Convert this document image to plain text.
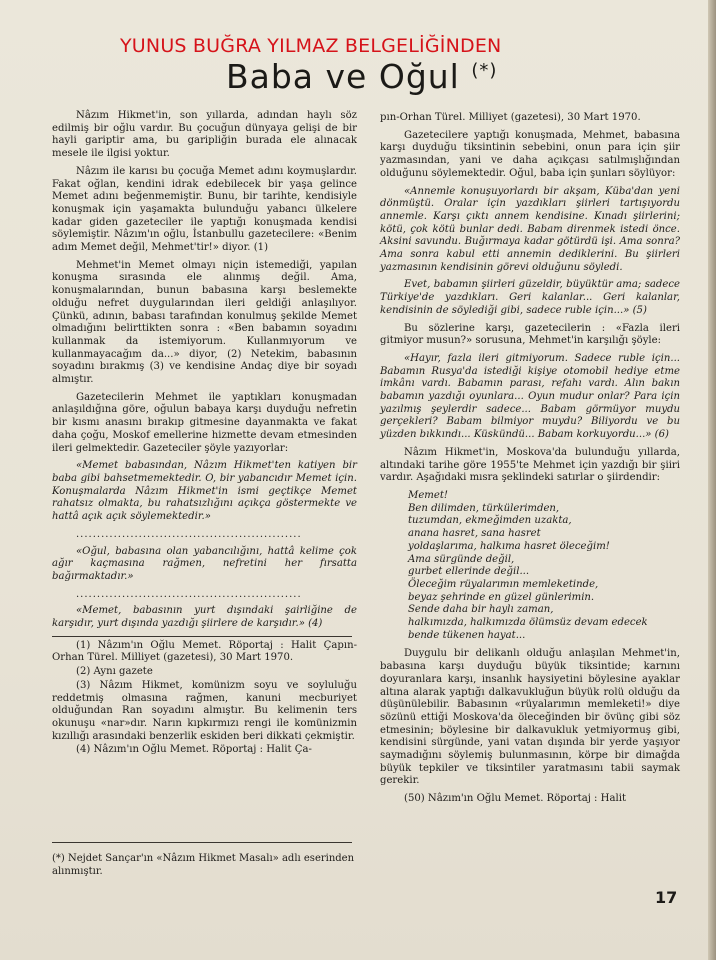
YUNUS BUĞRA YILMAZ BELGELİĞİNDEN
Baba ve Oğul (*)

Nâzım Hikmet'in, son yıllarda, adından haylı söz edilmiş bir oğlu vardır. Bu çocuğun dünyaya gelişi de bir hayli gariptir ama, bu garipliğin burada ele alınacak mesele ile ilgisi yoktur.

Nâzım ile karısı bu çocuğa Memet adını koymuşlardır. Fakat oğlan, kendini idrak edebilecek bir yaşa gelince Memet adını beğenmemiştir. Bunu, bir tarihte, kendisiyle konuşmak için yaşamakta bulunduğu yabancı ülkelere kadar giden gazeteciler ile yaptığı konuşmada kendisi söylemiştir. Nâzım'ın oğlu, İstanbullu gazetecilere: «Benim adım Memet değil, Mehmet'tir!» diyor. (1)

Mehmet'in Memet olmayı niçin istemediği, yapılan konuşma sırasında ele alınmış değil. Ama, konuşmalarından, bunun babasına karşı beslemekte olduğu nefret duygularından ileri geldiği anlaşılıyor. Çünkü, adının, babası tarafından konulmuş şekilde Memet olmadığını belirttikten sonra : «Ben babamın soyadını kullanmak da istemiyorum. Kullanmıyorum ve kullanmayacağım da...» diyor, (2) Netekim, babasının soyadını bırakmış (3) ve kendisine Andaç diye bir soyadı almıştır.

Gazetecilerin Mehmet ile yaptıkları konuşmadan anlaşıldığına göre, oğulun babaya karşı duyduğu nefretin bir kısmı anasını bırakıp gitmesine dayanmakta ve fakat daha çoğu, Moskof emellerine hizmette devam etmesinden ileri gelmektedir. Gazeteciler şöyle yazıyorlar:

«Memet babasından, Nâzım Hikmet'ten katiyen bir baba gibi bahsetmemektedir. O, bir yabancıdır Memet için. Konuşmalarda Nâzım Hikmet'in ismi geçtikçe Memet rahatsız olmakta, bu rahatsızlığını açıkça göstermekte ve hattâ açık açık söylemektedir.»

......................................................

«Oğul, babasına olan yabancılığını, hattâ kelime çok ağır kaçmasına rağmen, nefretini her fırsatta bağırmaktadır.»

......................................................

«Memet, babasının yurt dışındaki şairliğine de karşıdır, yurt dışında yazdığı şiirlere de karşıdır.» (4)

(1) Nâzım'ın Oğlu Memet. Röportaj : Halit Çapın-Orhan Türel. Milliyet (gazetesi), 30 Mart 1970.

(2) Aynı gazete

(3) Nâzım Hikmet, komünizm soyu ve soyluluğu reddetmiş olmasına rağmen, kanuni mecburiyet olduğundan Ran soyadını almıştır. Bu kelimenin ters okunuşu «nar»dır. Narın kıpkırmızı rengi ile komünizmin kızıllığı arasındaki benzerlik eskiden beri dikkati çekmiştir.

(4) Nâzım'ın Oğlu Memet. Röportaj : Halit Ça-

pın-Orhan Türel. Milliyet (gazetesi), 30 Mart 1970.

Gazetecilere yaptığı konuşmada, Mehmet, babasına karşı duyduğu tiksintinin sebebini, onun para için şiir yazmasından, yani ve daha açıkçası satılmışlığından olduğunu söylemektedir. Oğul, baba için şunları söylüyor:

«Annemle konuşuyorlardı bir akşam, Küba'dan yeni dönmüştü. Oralar için yazdıkları şiirleri tartışıyordu annemle. Karşı çıktı annem kendisine. Kınadı şiirlerini; kötü, çok kötü bunlar dedi. Babam direnmek istedi önce. Aksini savundu. Buğırmaya kadar götürdü işi. Ama sonra? Ama sonra kabul etti annemin dediklerini. Bu şiirleri yazmasının kendisinin görevi olduğunu söyledi.

Evet, babamın şiirleri güzeldir, büyüktür ama; sadece Türkiye'de yazdıkları. Geri kalanlar... Geri kalanlar, kendisinin de söylediği gibi, sadece ruble için...» (5)

Bu sözlerine karşı, gazetecilerin : «Fazla ileri gitmiyor musun?» sorusuna, Mehmet'in karşılığı şöyle:

«Hayır, fazla ileri gitmiyorum. Sadece ruble için... Babamın Rusya'da istediği kişiye otomobil hediye etme imkânı vardı. Babamın parası, refahı vardı. Alın bakın babamın yazdığı oyunlara... Oyun mudur onlar? Para için yazılmış şeylerdir sadece... Babam görmüyor muydu gerçekleri? Babam bilmiyor muydu? Biliyordu ve bu yüzden bıkkındı... Küskündü... Babam korkuyordu...» (6)

Nâzım Hikmet'in, Moskova'da bulunduğu yıllarda, altındaki tarihe göre 1955'te Mehmet için yazdığı bir şiiri vardır. Aşağıdaki mısra şeklindeki satırlar o şiirdendir:

Memet!
Ben dilimden, türkülerimden,
tuzumdan, ekmeğimden uzakta,
anana hasret, sana hasret
yoldaşlarıma, halkıma hasret öleceğim!
Ama sürgünde değil,
gurbet ellerinde değil...
Öleceğim rüyalarımın memleketinde,
beyaz şehrinde en güzel günlerimin.
Sende daha bir haylı zaman,
halkımızda, halkımızda ölümsüz devam edecek
bende tükenen hayat...

Duygulu bir delikanlı olduğu anlaşılan Mehmet'in, babasına karşı duyduğu büyük tiksintide; karnını doyuranlara karşı, insanlık haysiyetini böylesine ayaklar altına alarak yaptığı dalkavukluğun büyük rolü olduğu da düşünülebilir. Babasının «rüyalarımın memleketi!» diye sözünü ettiği Moskova'da öleceğinden bir övünç gibi söz etmesinin; böylesine bir dalkavukluk yetmiyormuş gibi, kendisini sürgünde, yani vatan dışında bir yerde yaşıyor saymadığını söylemiş bulunmasının, körpe bir dimağda büyük tepkiler ve tiksintiler yaratmasını tabii saymak gerekir.

(50) Nâzım'ın Oğlu Memet. Röportaj : Halit

(*) Nejdet Sançar'ın «Nâzım Hikmet Masalı» adlı eserinden alınmıştır.
17
